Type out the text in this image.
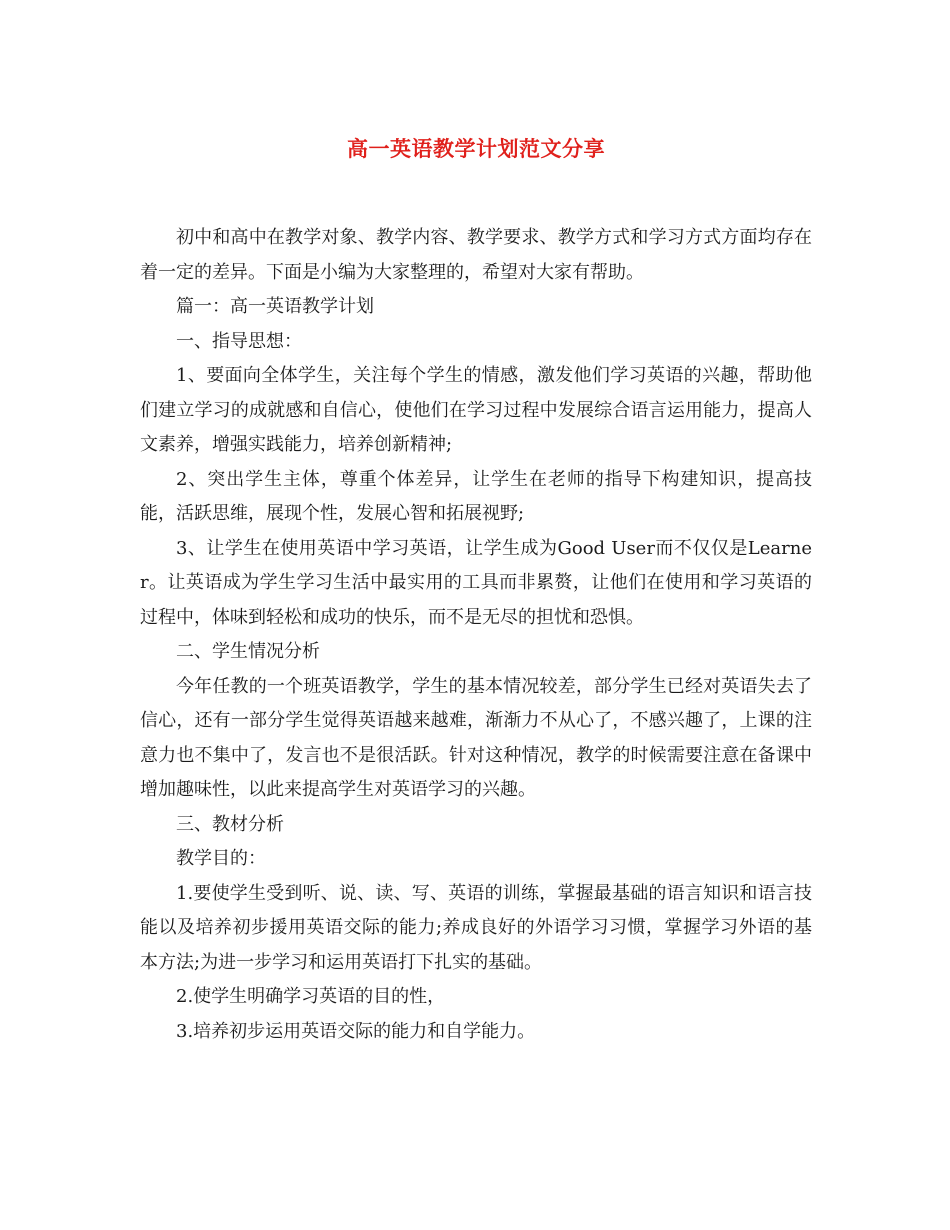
高一英语教学计划范文分享

初中和高中在教学对象、教学内容、教学要求、教学方式和学习方式方面均存在着一定的差异。下面是小编为大家整理的，希望对大家有帮助。

篇一：高一英语教学计划

一、指导思想：

1、要面向全体学生，关注每个学生的情感，激发他们学习英语的兴趣，帮助他们建立学习的成就感和自信心，使他们在学习过程中发展综合语言运用能力，提高人文素养，增强实践能力，培养创新精神;

2、突出学生主体，尊重个体差异，让学生在老师的指导下构建知识，提高技能，活跃思维，展现个性，发展心智和拓展视野;

3、让学生在使用英语中学习英语，让学生成为Good User而不仅仅是Learner。让英语成为学生学习生活中最实用的工具而非累赘，让他们在使用和学习英语的过程中，体味到轻松和成功的快乐，而不是无尽的担忧和恐惧。

二、学生情况分析

今年任教的一个班英语教学，学生的基本情况较差，部分学生已经对英语失去了信心，还有一部分学生觉得英语越来越难，渐渐力不从心了，不感兴趣了，上课的注意力也不集中了，发言也不是很活跃。针对这种情况，教学的时候需要注意在备课中增加趣味性，以此来提高学生对英语学习的兴趣。

三、教材分析

教学目的：

1.要使学生受到听、说、读、写、英语的训练，掌握最基础的语言知识和语言技能以及培养初步援用英语交际的能力;养成良好的外语学习习惯，掌握学习外语的基本方法;为进一步学习和运用英语打下扎实的基础。

2.使学生明确学习英语的目的性，

3.培养初步运用英语交际的能力和自学能力。
